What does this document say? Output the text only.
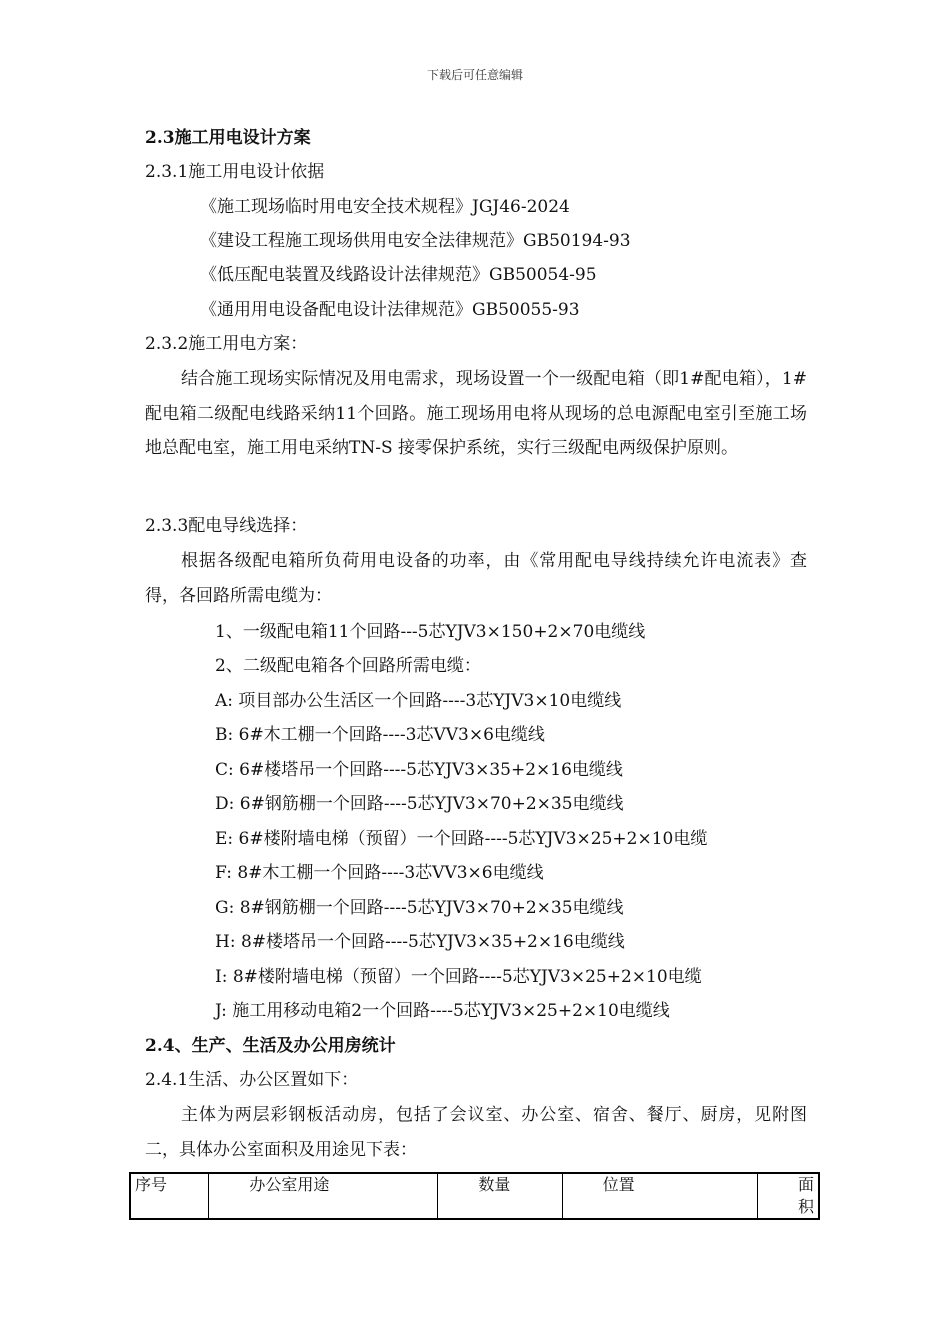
下载后可任意编辑
2.3施工用电设计方案
2.3.1施工用电设计依据
《施工现场临时用电安全技术规程》JGJ46-2024
《建设工程施工现场供用电安全法律规范》GB50194-93
《低压配电装置及线路设计法律规范》GB50054-95
《通用用电设备配电设计法律规范》GB50055-93
2.3.2施工用电方案：
结合施工现场实际情况及用电需求，现场设置一个一级配电箱（即1#配电箱），1#配电箱二级配电线路采纳11个回路。施工现场用电将从现场的总电源配电室引至施工场地总配电室，施工用电采纳TN-S 接零保护系统，实行三级配电两级保护原则。
2.3.3配电导线选择：
根据各级配电箱所负荷用电设备的功率，由《常用配电导线持续允许电流表》查得，各回路所需电缆为：
1、一级配电箱11个回路---5芯YJV3×150+2×70电缆线
2、二级配电箱各个回路所需电缆：
A: 项目部办公生活区一个回路----3芯YJV3×10电缆线
B: 6#木工棚一个回路----3芯VV3×6电缆线
C: 6#楼塔吊一个回路----5芯YJV3×35+2×16电缆线
D: 6#钢筋棚一个回路----5芯YJV3×70+2×35电缆线
E: 6#楼附墙电梯（预留）一个回路----5芯YJV3×25+2×10电缆
F: 8#木工棚一个回路----3芯VV3×6电缆线
G: 8#钢筋棚一个回路----5芯YJV3×70+2×35电缆线
H: 8#楼塔吊一个回路----5芯YJV3×35+2×16电缆线
I: 8#楼附墙电梯（预留）一个回路----5芯YJV3×25+2×10电缆
J: 施工用移动电箱2一个回路----5芯YJV3×25+2×10电缆线
2.4、生产、生活及办公用房统计
2.4.1生活、办公区置如下：
主体为两层彩钢板活动房，包括了会议室、办公室、宿舍、餐厅、厨房，见附图二，具体办公室面积及用途见下表：
序号	办公室用途	数量	位置	面积
